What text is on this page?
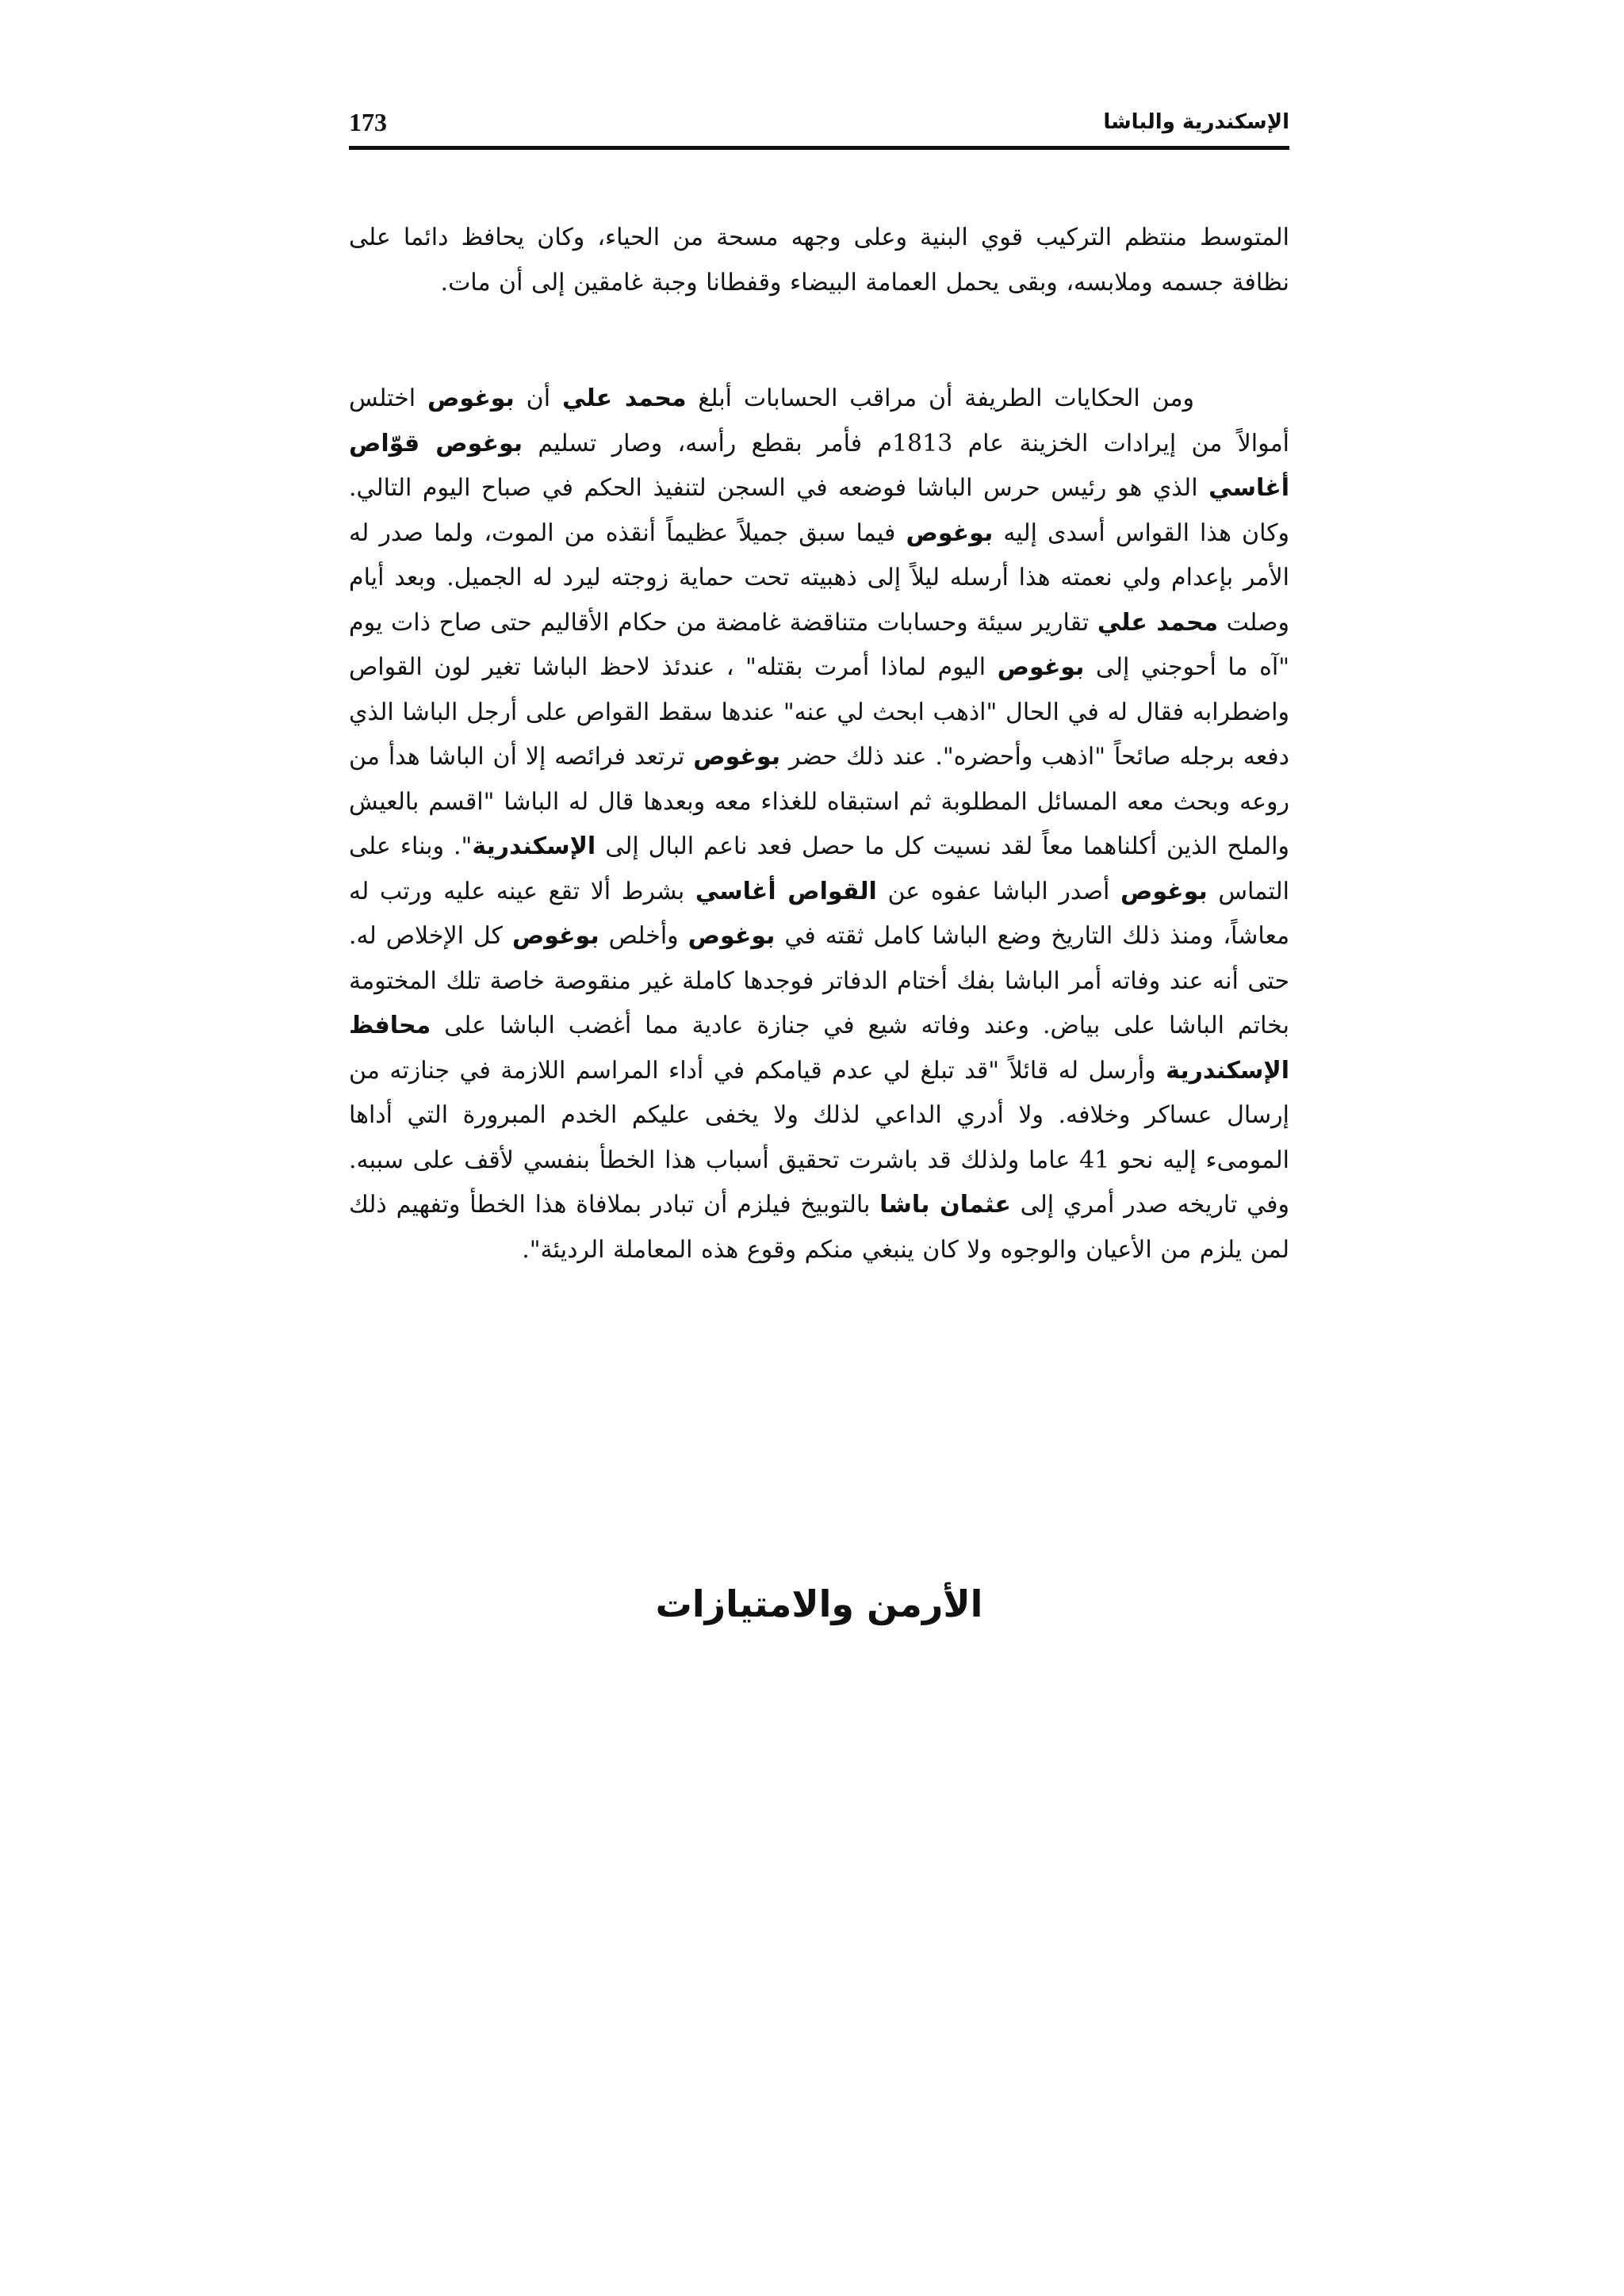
173	الإسكندرية والباشا

المتوسط منتظم التركيب قوي البنية وعلى وجهه مسحة من الحياء، وكان يحافظ دائما على نظافة جسمه وملابسه، وبقى يحمل العمامة البيضاء وقفطانا وجبة غامقين إلى أن مات.

ومن الحكايات الطريفة أن مراقب الحسابات أبلغ محمد علي أن بوغوص اختلس أموالاً من إيرادات الخزينة عام 1813م فأمر بقطع رأسه، وصار تسليم بوغوص قوّاص أغاسي الذي هو رئيس حرس الباشا فوضعه في السجن لتنفيذ الحكم في صباح اليوم التالي. وكان هذا القواس أسدى إليه بوغوص فيما سبق جميلاً عظيماً أنقذه من الموت، ولما صدر له الأمر بإعدام ولي نعمته هذا أرسله ليلاً إلى ذهبيته تحت حماية زوجته ليرد له الجميل. وبعد أيام وصلت محمد علي تقارير سيئة وحسابات متناقضة غامضة من حكام الأقاليم حتى صاح ذات يوم "آه ما أحوجني إلى بوغوص اليوم لماذا أمرت بقتله" ، عندئذ لاحظ الباشا تغير لون القواص واضطرابه فقال له في الحال "اذهب ابحث لي عنه" عندها سقط القواص على أرجل الباشا الذي دفعه برجله صائحاً "اذهب وأحضره". عند ذلك حضر بوغوص ترتعد فرائصه إلا أن الباشا هدأ من روعه وبحث معه المسائل المطلوبة ثم استبقاه للغذاء معه وبعدها قال له الباشا "اقسم بالعيش والملح الذين أكلناهما معاً لقد نسيت كل ما حصل فعد ناعم البال إلى الإسكندرية". وبناء على التماس بوغوص أصدر الباشا عفوه عن القواص أغاسي بشرط ألا تقع عينه عليه ورتب له معاشاً، ومنذ ذلك التاريخ وضع الباشا كامل ثقته في بوغوص وأخلص بوغوص كل الإخلاص له. حتى أنه عند وفاته أمر الباشا بفك أختام الدفاتر فوجدها كاملة غير منقوصة خاصة تلك المختومة بخاتم الباشا على بياض. وعند وفاته شيع في جنازة عادية مما أغضب الباشا على محافظ الإسكندرية وأرسل له قائلاً "قد تبلغ لي عدم قيامكم في أداء المراسم اللازمة في جنازته من إرسال عساكر وخلافه. ولا أدري الداعي لذلك ولا يخفى عليكم الخدم المبرورة التي أداها المومىء إليه نحو 41 عاما ولذلك قد باشرت تحقيق أسباب هذا الخطأ بنفسي لأقف على سببه. وفي تاريخه صدر أمري إلى عثمان باشا بالتوبيخ فيلزم أن تبادر بملافاة هذا الخطأ وتفهيم ذلك لمن يلزم من الأعيان والوجوه ولا كان ينبغي منكم وقوع هذه المعاملة الرديئة".

الأرمن والامتيازات
